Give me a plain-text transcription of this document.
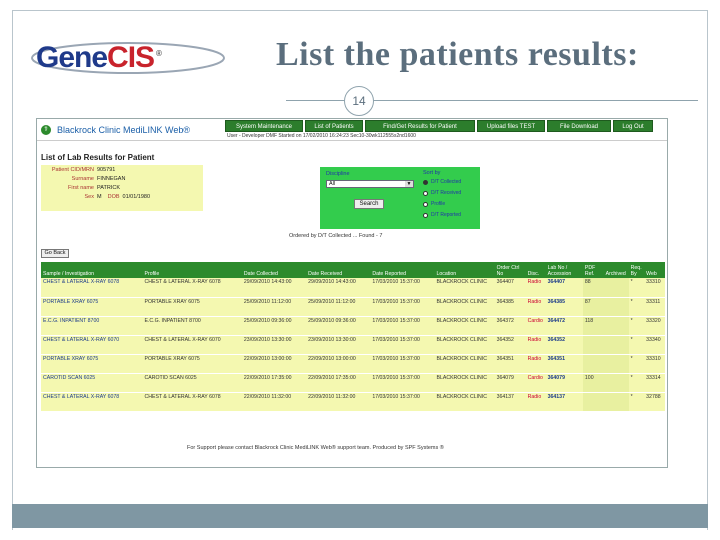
GeneCIS ®	List the patients results:
14
⚕	Blackrock Clinic MediLINK Web®	System Maintenance	List of Patients	Find/Get Results for Patient	Upload files TEST	File Download	Log Out
User - Developer DMF Started on 17/02/2010 16:24:23 Sec10-30wk112555s2nd1600
List of Lab Results for Patient
Patient CID/MRN 905791
Surname FINNEGAN
First name PATRICK
Sex M DOB 01/01/1980
Discipline
All	▼
Search
Sort by
D/T Collected
D/T Received
Profile
D/T Reported
Ordered by D/T Collected ... Found - 7
Go Back
Sample / Investigation	Profile	Date Collected	Date Received	Date Reported	Location	Order Ctrl No	Disc.	Lab No / Accession	PDF Ref.	Archived	Req. By	Web
CHEST & LATERAL X-RAY 6078	CHEST & LATERAL X-RAY 6078	29/09/2010 14:43:00	29/09/2010 14:43:00	17/03/2010 15:37:00	BLACKROCK CLINIC	364407	Radio	364407	88		*	33310
PORTABLE XRAY 6075	PORTABLE XRAY 6075	25/09/2010 11:12:00	25/09/2010 11:12:00	17/03/2010 15:37:00	BLACKROCK CLINIC	364385	Radio	364385	87		*	33311
E.C.G. INPATIENT 8700	E.C.G. INPATIENT 8700	25/09/2010 09:36:00	25/09/2010 09:36:00	17/03/2010 15:37:00	BLACKROCK CLINIC	364372	Cardio	364472	118		*	33320
CHEST & LATERAL X-RAY 6070	CHEST & LATERAL X-RAY 6070	23/09/2010 13:30:00	23/09/2010 13:30:00	17/03/2010 15:37:00	BLACKROCK CLINIC	364352	Radio	364352			*	33340
PORTABLE XRAY 6075	PORTABLE XRAY 6075	22/09/2010 13:00:00	22/09/2010 13:00:00	17/03/2010 15:37:00	BLACKROCK CLINIC	364351	Radio	364351			*	33310
CAROTID SCAN 6025	CAROTID SCAN 6025	22/09/2010 17:35:00	22/09/2010 17:35:00	17/03/2010 15:37:00	BLACKROCK CLINIC	364079	Cardio	364079	100		*	33314
CHEST & LATERAL X-RAY 6078	CHEST & LATERAL X-RAY 6078	22/09/2010 11:32:00	22/09/2010 11:32:00	17/03/2010 15:37:00	BLACKROCK CLINIC	364137	Radio	364137			*	32788
For Support please contact Blackrock Clinic MediLINK Web® support team. Produced by SPF Systems ®
